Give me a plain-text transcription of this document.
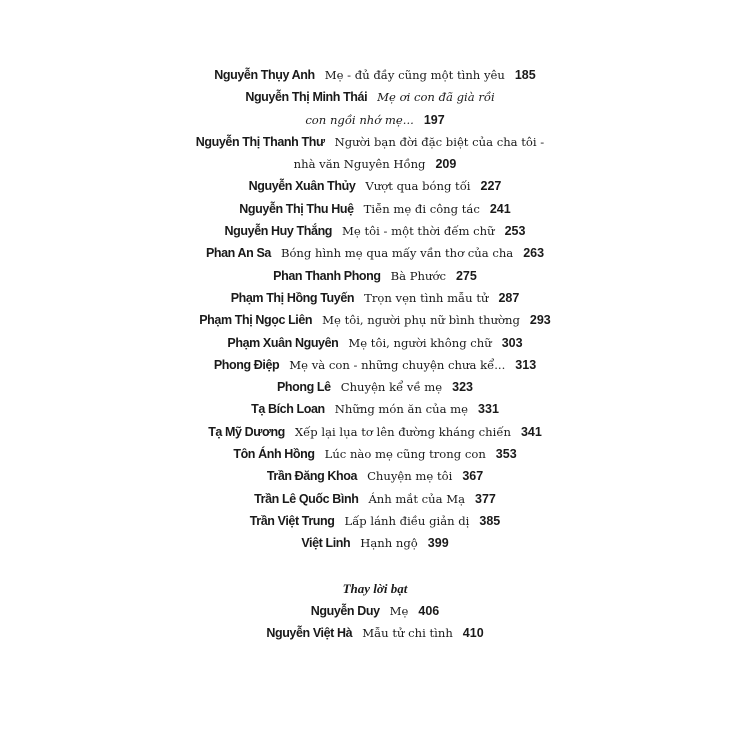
Nguyễn Thụy Anh Mẹ - đủ đầy cũng một tình yêu 185
Nguyễn Thị Minh Thái Mẹ ơi con đã già rồi
con ngồi nhớ mẹ... 197
Nguyễn Thị Thanh Thư Người bạn đời đặc biệt của cha tôi -
nhà văn Nguyên Hồng 209
Nguyễn Xuân Thủy Vượt qua bóng tối 227
Nguyễn Thị Thu Huệ Tiễn mẹ đi công tác 241
Nguyễn Huy Thắng Mẹ tôi - một thời đếm chữ 253
Phan An Sa Bóng hình mẹ qua mấy vần thơ của cha 263
Phan Thanh Phong Bà Phước 275
Phạm Thị Hồng Tuyến Trọn vẹn tình mẫu tử 287
Phạm Thị Ngọc Liên Mẹ tôi, người phụ nữ bình thường 293
Phạm Xuân Nguyên Mẹ tôi, người không chữ 303
Phong Điệp Mẹ và con - những chuyện chưa kể... 313
Phong Lê Chuyện kể về mẹ 323
Tạ Bích Loan Những món ăn của mẹ 331
Tạ Mỹ Dương Xếp lại lụa tơ lên đường kháng chiến 341
Tôn Ánh Hồng Lúc nào mẹ cũng trong con 353
Trần Đăng Khoa Chuyện mẹ tôi 367
Trần Lê Quốc Bình Ánh mắt của Mạ 377
Trần Việt Trung Lấp lánh điều giản dị 385
Việt Linh Hạnh ngộ 399
Thay lời bạt
Nguyễn Duy Mẹ 406
Nguyễn Việt Hà Mẫu tử chi tình 410
